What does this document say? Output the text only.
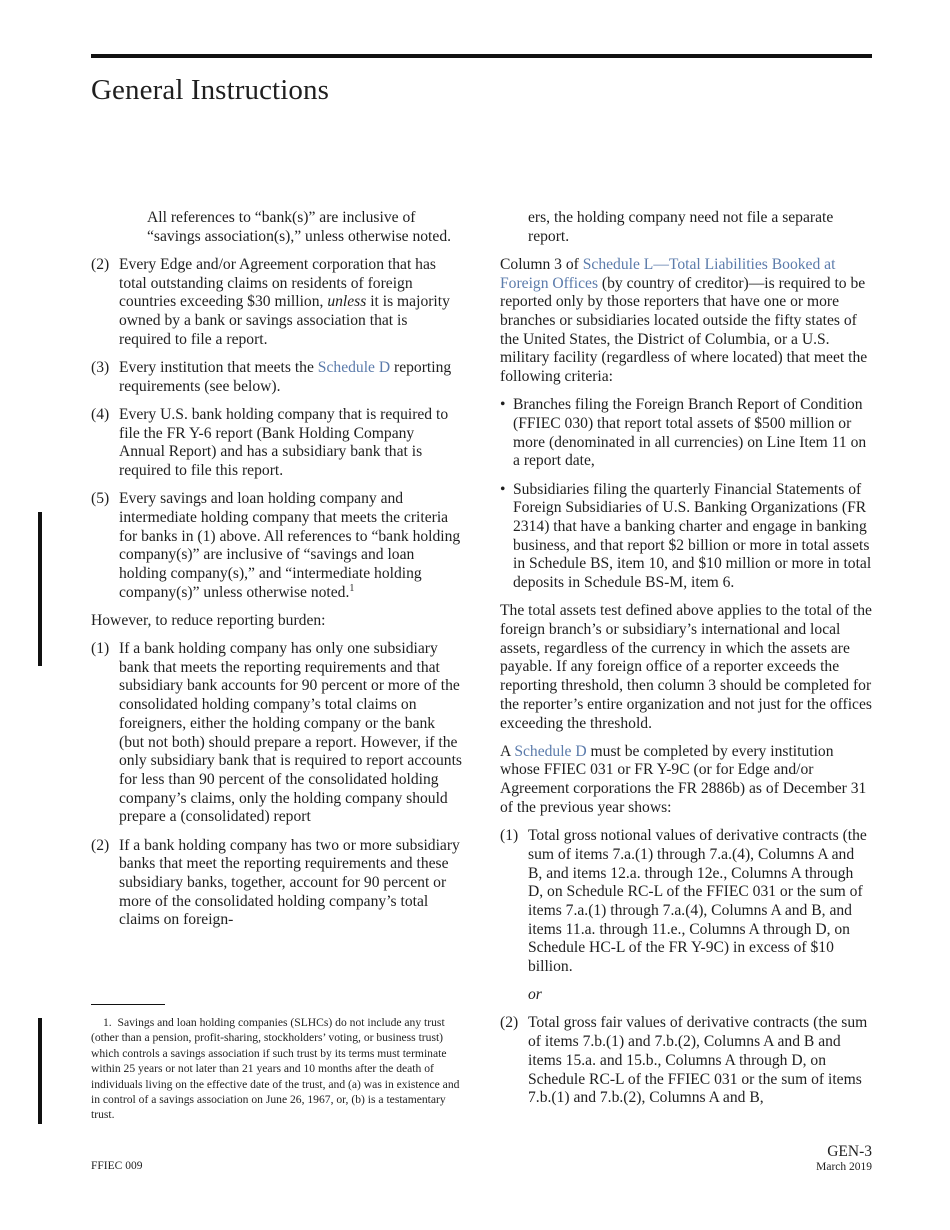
General Instructions

All references to “bank(s)” are inclusive of “savings association(s),” unless otherwise noted.

(2) Every Edge and/or Agreement corporation that has total outstanding claims on residents of foreign countries exceeding $30 million, unless it is majority owned by a bank or savings association that is required to file a report.
(3) Every institution that meets the Schedule D reporting requirements (see below).
(4) Every U.S. bank holding company that is required to file the FR Y-6 report (Bank Holding Company Annual Report) and has a subsidiary bank that is required to file this report.
(5) Every savings and loan holding company and intermediate holding company that meets the criteria for banks in (1) above. All references to “bank holding company(s)” are inclusive of “savings and loan holding company(s),” and “intermediate holding company(s)” unless otherwise noted.$^1$

However, to reduce reporting burden:

(1) If a bank holding company has only one subsidiary bank that meets the reporting requirements and that subsidiary bank accounts for 90 percent or more of the consolidated holding company’s total claims on foreigners, either the holding company or the bank (but not both) should prepare a report. However, if the only subsidiary bank that is required to report accounts for less than 90 percent of the consolidated holding company’s claims, only the holding company should prepare a (consolidated) report
(2) If a bank holding company has two or more subsidiary banks that meet the reporting requirements and these subsidiary banks, together, account for 90 percent or more of the consolidated holding company’s total claims on foreign-

1. Savings and loan holding companies (SLHCs) do not include any trust (other than a pension, profit-sharing, stockholders’ voting, or business trust) which controls a savings association if such trust by its terms must terminate within 25 years or not later than 21 years and 10 months after the death of individuals living on the effective date of the trust, and (a) was in existence and in control of a savings association on June 26, 1967, or, (b) is a testamentary trust.

ers, the holding company need not file a separate report.

Column 3 of Schedule L—Total Liabilities Booked at Foreign Offices (by country of creditor)—is required to be reported only by those reporters that have one or more branches or subsidiaries located outside the fifty states of the United States, the District of Columbia, or a U.S. military facility (regardless of where located) that meet the following criteria:

• Branches filing the Foreign Branch Report of Condition (FFIEC 030) that report total assets of $500 million or more (denominated in all currencies) on Line Item 11 on a report date,
• Subsidiaries filing the quarterly Financial Statements of Foreign Subsidiaries of U.S. Banking Organizations (FR 2314) that have a banking charter and engage in banking business, and that report $2 billion or more in total assets in Schedule BS, item 10, and $10 million or more in total deposits in Schedule BS-M, item 6.

The total assets test defined above applies to the total of the foreign branch’s or subsidiary’s international and local assets, regardless of the currency in which the assets are payable. If any foreign office of a reporter exceeds the reporting threshold, then column 3 should be completed for the reporter’s entire organization and not just for the offices exceeding the threshold.

A Schedule D must be completed by every institution whose FFIEC 031 or FR Y-9C (or for Edge and/or Agreement corporations the FR 2886b) as of December 31 of the previous year shows:

(1) Total gross notional values of derivative contracts (the sum of items 7.a.(1) through 7.a.(4), Columns A and B, and items 12.a. through 12e., Columns A through D, on Schedule RC-L of the FFIEC 031 or the sum of items 7.a.(1) through 7.a.(4), Columns A and B, and items 11.a. through 11.e., Columns A through D, on Schedule HC-L of the FR Y-9C) in excess of $10 billion.

or

(2) Total gross fair values of derivative contracts (the sum of items 7.b.(1) and 7.b.(2), Columns A and B and items 15.a. and 15.b., Columns A through D, on Schedule RC-L of the FFIEC 031 or the sum of items 7.b.(1) and 7.b.(2), Columns A and B,
FFIEC 009
GEN-3
March 2019
